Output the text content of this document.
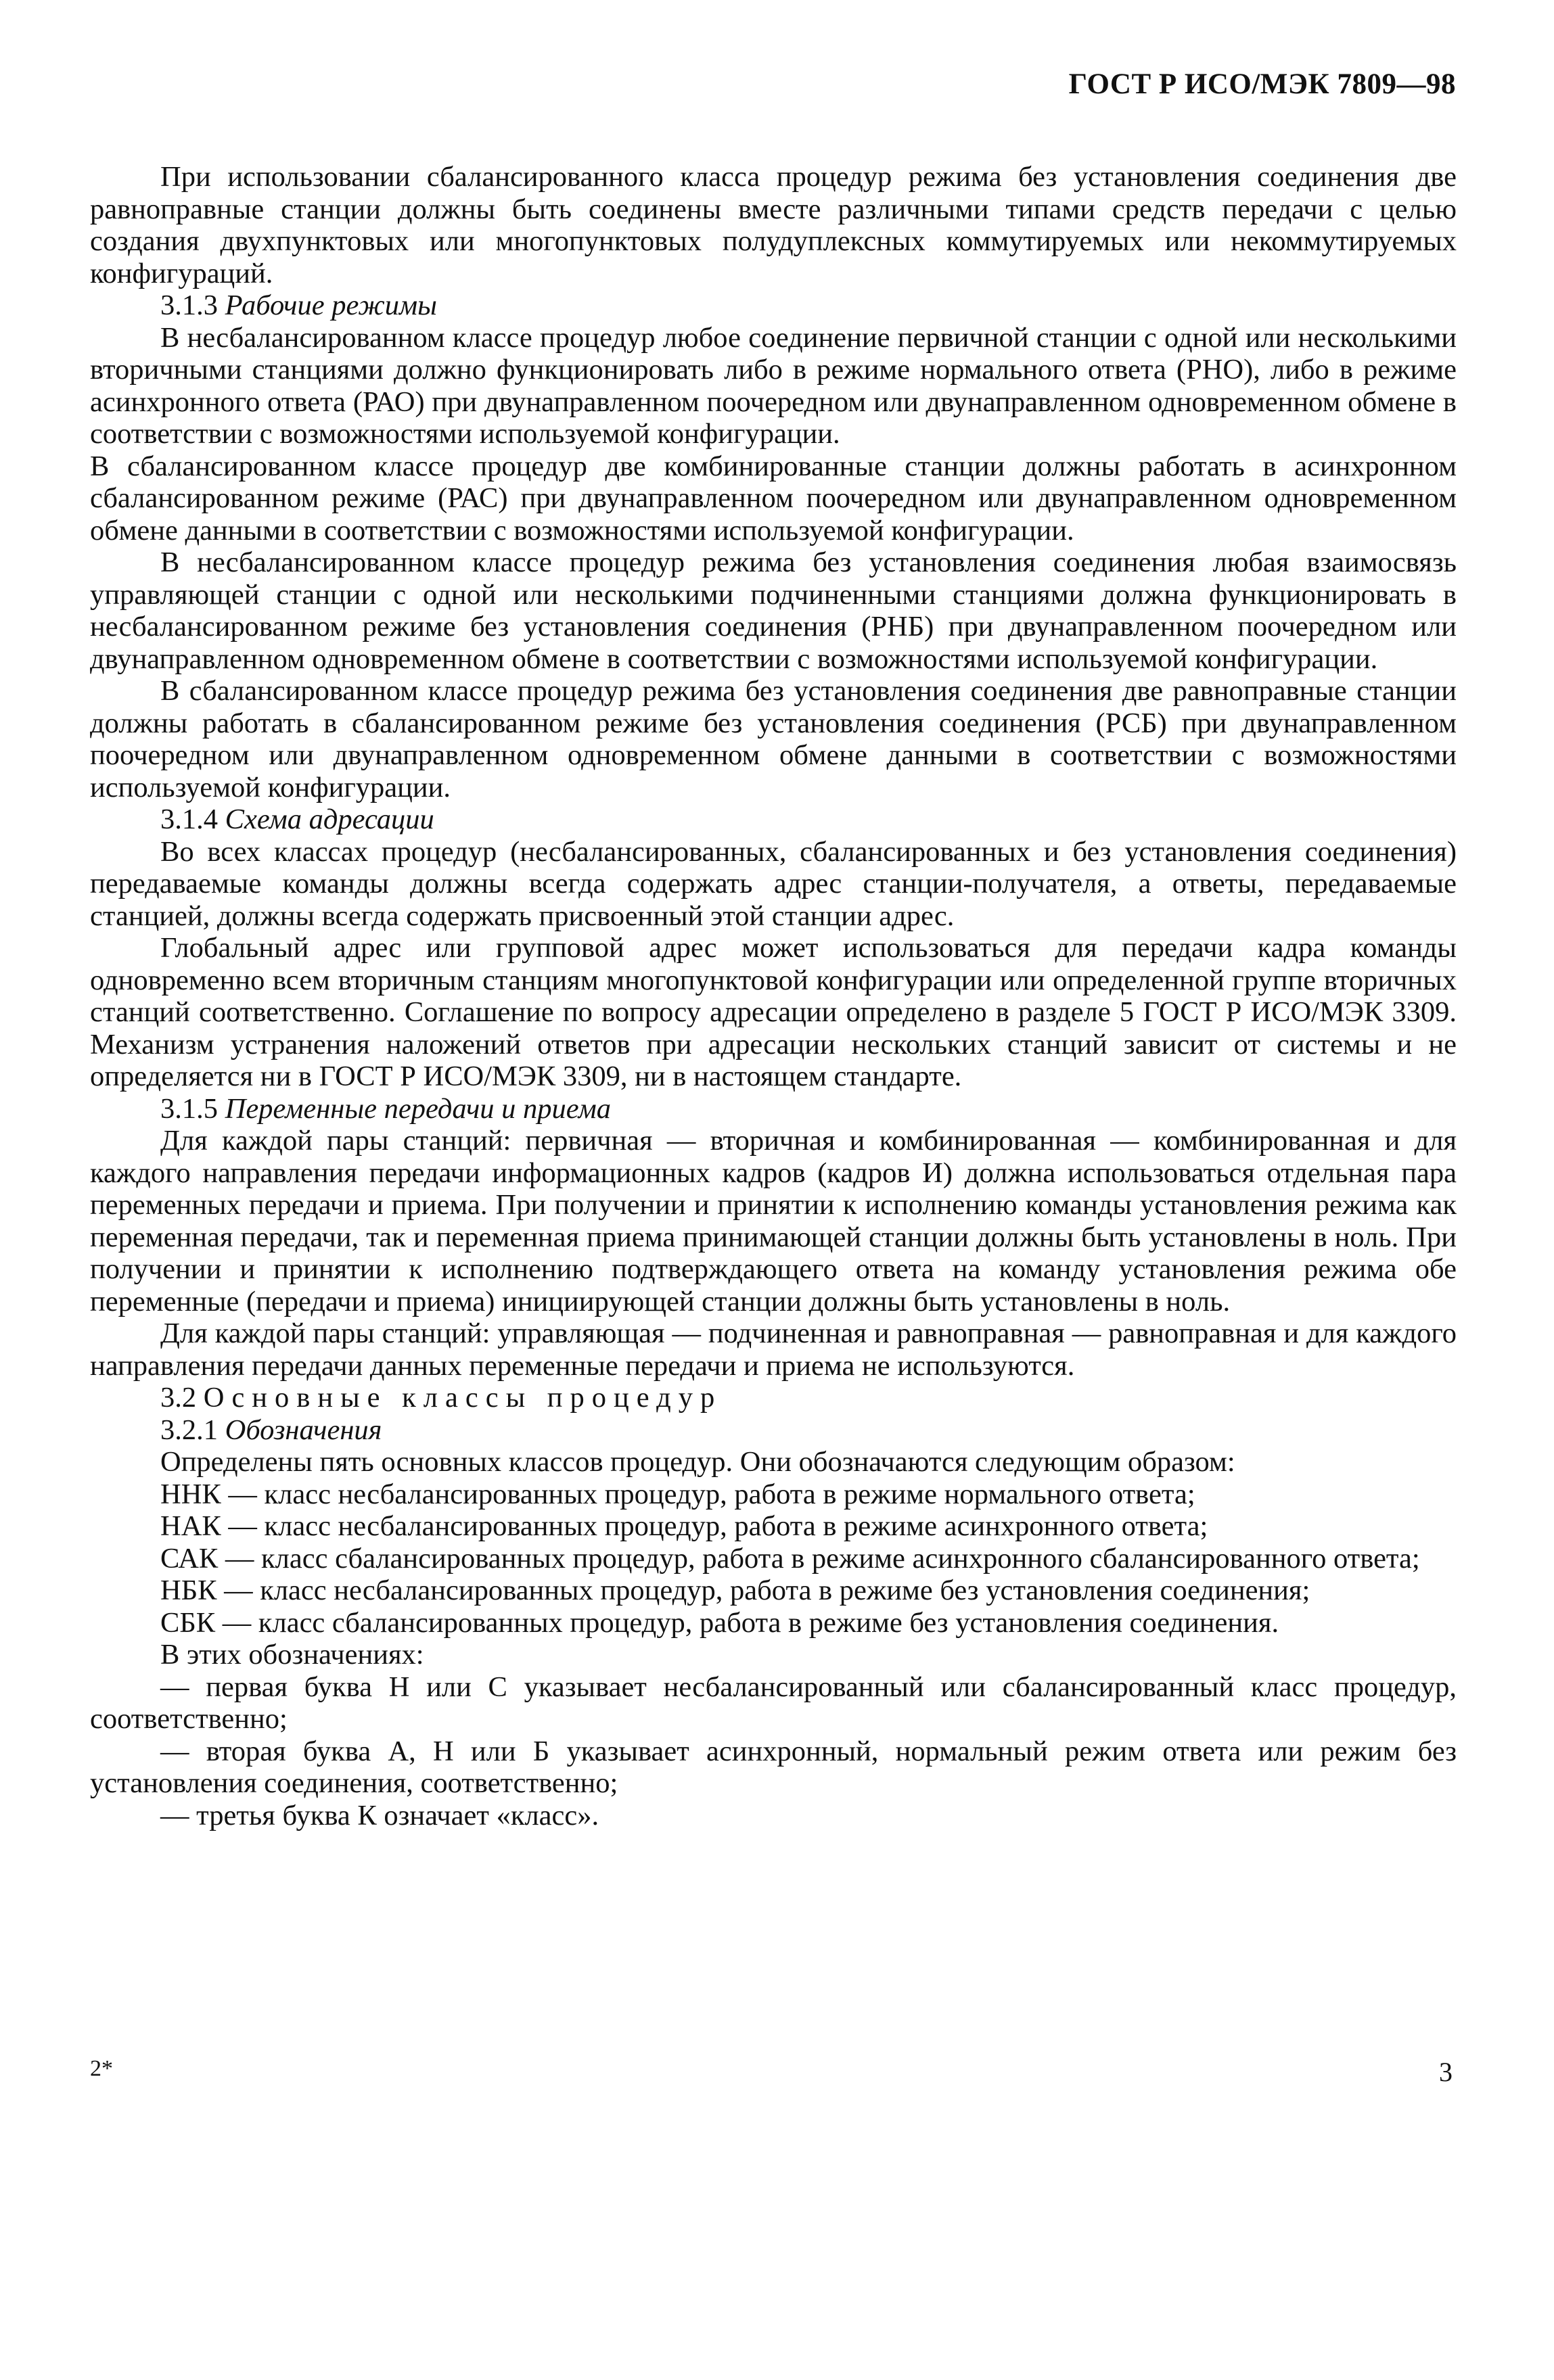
ГОСТ Р ИСО/МЭК 7809—98

При использовании сбалансированного класса процедур режима без установления соединения две равноправные станции должны быть соединены вместе различными типами средств передачи с целью создания двухпунктовых или многопунктовых полудуплексных коммутируемых или некоммутируемых конфигураций.

3.1.3 Рабочие режимы

В несбалансированном классе процедур любое соединение первичной станции с одной или несколькими вторичными станциями должно функционировать либо в режиме нормального ответа (РНО), либо в режиме асинхронного ответа (РАО) при двунаправленном поочередном или двунаправленном одновременном обмене в соответствии с возможностями используемой конфигурации.

В сбалансированном классе процедур две комбинированные станции должны работать в асинхронном сбалансированном режиме (РАС) при двунаправленном поочередном или двунаправленном одновременном обмене данными в соответствии с возможностями используемой конфигурации.

В несбалансированном классе процедур режима без установления соединения любая взаимосвязь управляющей станции с одной или несколькими подчиненными станциями должна функционировать в несбалансированном режиме без установления соединения (РНБ) при двунаправленном поочередном или двунаправленном одновременном обмене в соответствии с возможностями используемой конфигурации.

В сбалансированном классе процедур режима без установления соединения две равноправные станции должны работать в сбалансированном режиме без установления соединения (РСБ) при двунаправленном поочередном или двунаправленном одновременном обмене данными в соответствии с возможностями используемой конфигурации.

3.1.4 Схема адресации

Во всех классах процедур (несбалансированных, сбалансированных и без установления соединения) передаваемые команды должны всегда содержать адрес станции-получателя, а ответы, передаваемые станцией, должны всегда содержать присвоенный этой станции адрес.

Глобальный адрес или групповой адрес может использоваться для передачи кадра команды одновременно всем вторичным станциям многопунктовой конфигурации или определенной группе вторичных станций соответственно. Соглашение по вопросу адресации определено в разделе 5 ГОСТ Р ИСО/МЭК 3309. Механизм устранения наложений ответов при адресации нескольких станций зависит от системы и не определяется ни в ГОСТ Р ИСО/МЭК 3309, ни в настоящем стандарте.

3.1.5 Переменные передачи и приема

Для каждой пары станций: первичная — вторичная и комбинированная — комбинированная и для каждого направления передачи информационных кадров (кадров И) должна использоваться отдельная пара переменных передачи и приема. При получении и принятии к исполнению команды установления режима как переменная передачи, так и переменная приема принимающей станции должны быть установлены в ноль. При получении и принятии к исполнению подтверждающего ответа на команду установления режима обе переменные (передачи и приема) инициирующей станции должны быть установлены в ноль.

Для каждой пары станций: управляющая — подчиненная и равноправная — равноправная и для каждого направления передачи данных переменные передачи и приема не используются.

3.2 Основные классы процедур

3.2.1 Обозначения

Определены пять основных классов процедур. Они обозначаются следующим образом:

ННК — класс несбалансированных процедур, работа в режиме нормального ответа;

НАК — класс несбалансированных процедур, работа в режиме асинхронного ответа;

САК — класс сбалансированных процедур, работа в режиме асинхронного сбалансированного ответа;

НБК — класс несбалансированных процедур, работа в режиме без установления соединения;

СБК — класс сбалансированных процедур, работа в режиме без установления соединения.

В этих обозначениях:

— первая буква Н или С указывает несбалансированный или сбалансированный класс процедур, соответственно;

— вторая буква А, Н или Б указывает асинхронный, нормальный режим ответа или режим без установления соединения, соответственно;

— третья буква К означает «класс».

2*	3
